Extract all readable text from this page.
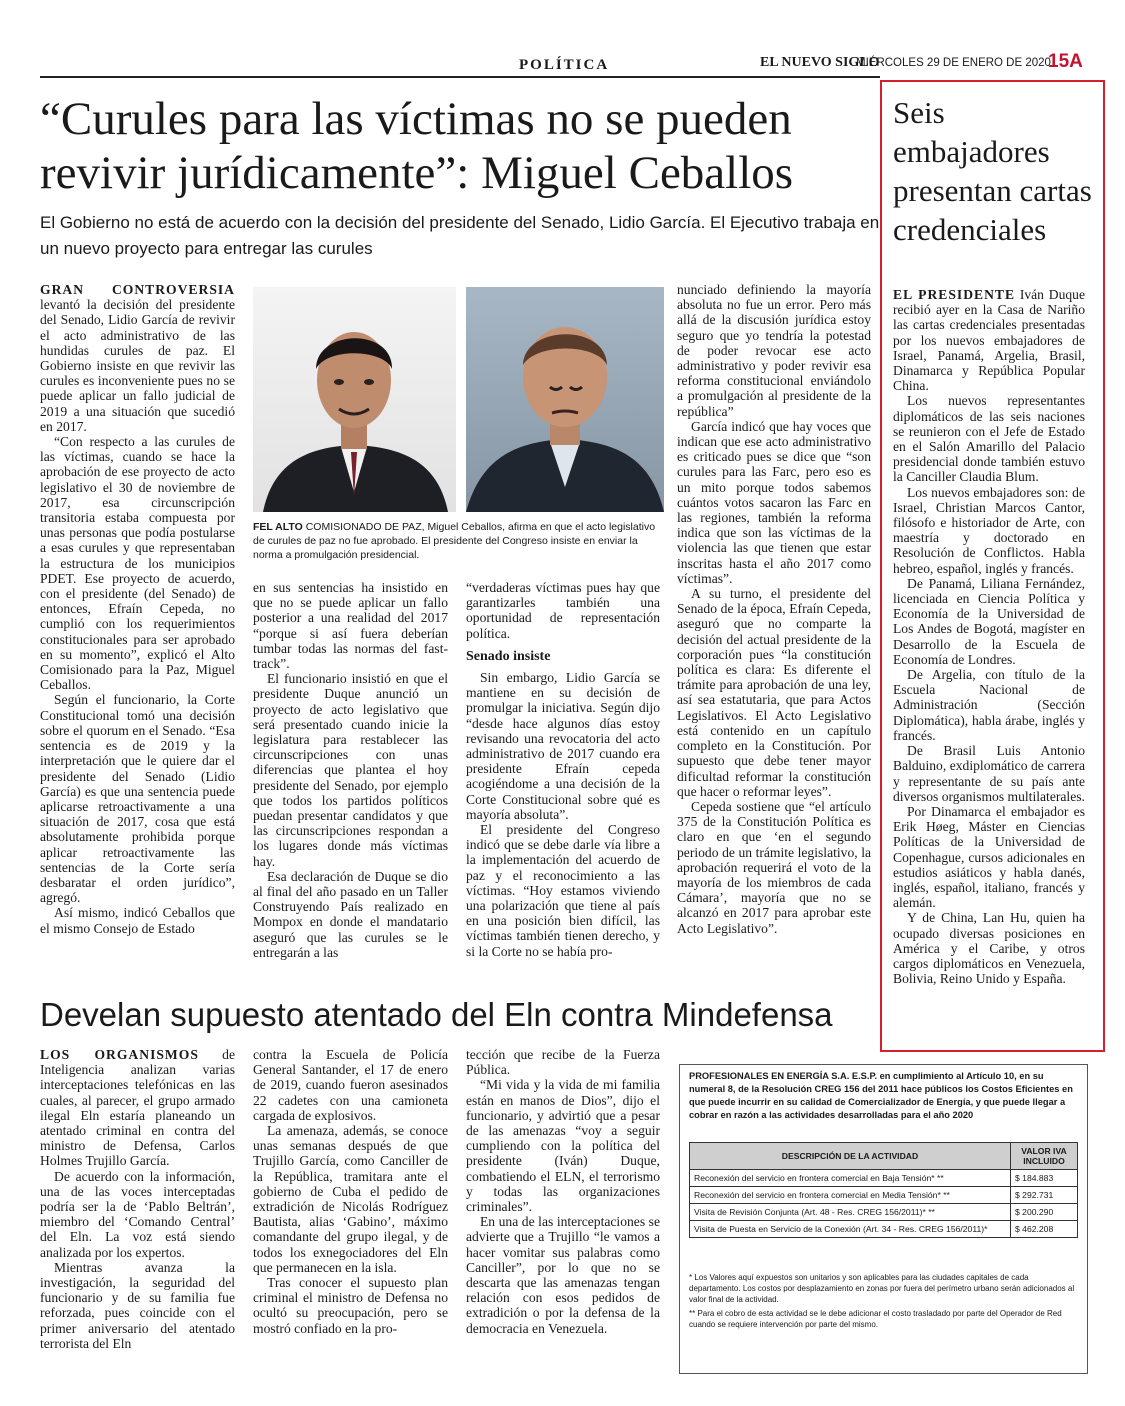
POLÍTICA	EL NUEVO SIGLO
MIÉRCOLES 29 DE ENERO DE 2020
15A
“Curules para las víctimas no se pueden revivir jurídicamente”: Miguel Ceballos
El Gobierno no está de acuerdo con la decisión del presidente del Senado, Lidio García. El Ejecutivo trabaja en un nuevo proyecto para entregar las curules

GRAN CONTROVERSIA levantó la decisión del presidente del Senado, Lidio García de revivir el acto administrativo de las hundidas curules de paz. El Gobierno insiste en que revivir las curules es inconveniente pues no se puede aplicar un fallo judicial de 2019 a una situación que sucedió en 2017.

“Con respecto a las curules de las víctimas, cuando se hace la aprobación de ese proyecto de acto legislativo el 30 de noviembre de 2017, esa circunscripción transitoria estaba compuesta por unas personas que podía postularse a esas curules y que representaban la estructura de los municipios PDET. Ese proyecto de acuerdo, con el presidente (del Senado) de entonces, Efraín Cepeda, no cumplió con los requerimientos constitucionales para ser aprobado en su momento”, explicó el Alto Comisionado para la Paz, Miguel Ceballos.

Según el funcionario, la Corte Constitucional tomó una decisión sobre el quorum en el Senado. “Esa sentencia es de 2019 y la interpretación que le quiere dar el presidente del Senado (Lidio García) es que una sentencia puede aplicarse retroactivamente a una situación de 2017, cosa que está absolutamente prohibida porque aplicar retroactivamente las sentencias de la Corte sería desbaratar el orden jurídico”, agregó.

Así mismo, indicó Ceballos que el mismo Consejo de Estado

FEL ALTO COMISIONADO DE PAZ, Miguel Ceballos, afirma en que el acto legislativo de curules de paz no fue aprobado. El presidente del Congreso insiste en enviar la norma a promulgación presidencial.

en sus sentencias ha insistido en que no se puede aplicar un fallo posterior a una realidad del 2017 “porque si así fuera deberían tumbar todas las normas del fast-track”.

El funcionario insistió en que el presidente Duque anunció un proyecto de acto legislativo que será presentado cuando inicie la legislatura para restablecer las circunscripciones con unas diferencias que plantea el hoy presidente del Senado, por ejemplo que todos los partidos políticos puedan presentar candidatos y que las circunscripciones respondan a los lugares donde más víctimas hay.

Esa declaración de Duque se dio al final del año pasado en un Taller Construyendo País realizado en Mompox en donde el mandatario aseguró que las curules se le entregarán a las

“verdaderas víctimas pues hay que garantizarles también una oportunidad de representación política.

Senado insiste

Sin embargo, Lidio García se mantiene en su decisión de promulgar la iniciativa. Según dijo “desde hace algunos días estoy revisando una revocatoria del acto administrativo de 2017 cuando era presidente Efraín cepeda acogiéndome a una decisión de la Corte Constitucional sobre qué es mayoría absoluta”.

El presidente del Congreso indicó que se debe darle vía libre a la implementación del acuerdo de paz y el reconocimiento a las víctimas. “Hoy estamos viviendo una polarización que tiene al país en una posición bien difícil, las víctimas también tienen derecho, y si la Corte no se había pro-

nunciado definiendo la mayoría absoluta no fue un error. Pero más allá de la discusión jurídica estoy seguro que yo tendría la potestad de poder revocar ese acto administrativo y poder revivir esa reforma constitucional enviándolo a promulgación al presidente de la república”

García indicó que hay voces que indican que ese acto administrativo es criticado pues se dice que “son curules para las Farc, pero eso es un mito porque todos sabemos cuántos votos sacaron las Farc en las regiones, también la reforma indica que son las víctimas de la violencia las que tienen que estar inscritas hasta el año 2017 como víctimas”.

A su turno, el presidente del Senado de la época, Efraín Cepeda, aseguró que no comparte la decisión del actual presidente de la corporación pues “la constitución política es clara: Es diferente el trámite para aprobación de una ley, así sea estatutaria, que para Actos Legislativos. El Acto Legislativo está contenido en un capítulo completo en la Constitución. Por supuesto que debe tener mayor dificultad reformar la constitución que hacer o reformar leyes”.

Cepeda sostiene que “el artículo 375 de la Constitución Política es claro en que ‘en el segundo periodo de un trámite legislativo, la aprobación requerirá el voto de la mayoría de los miembros de cada Cámara’, mayoría que no se alcanzó en 2017 para aprobar este Acto Legislativo”.

Seis embajadores presentan cartas credenciales

EL PRESIDENTE Iván Duque recibió ayer en la Casa de Nariño las cartas credenciales presentadas por los nuevos embajadores de Israel, Panamá, Argelia, Brasil, Dinamarca y República Popular China.

Los nuevos representantes diplomáticos de las seis naciones se reunieron con el Jefe de Estado en el Salón Amarillo del Palacio presidencial donde también estuvo la Canciller Claudia Blum.

Los nuevos embajadores son: de Israel, Christian Marcos Cantor, filósofo e historiador de Arte, con maestría y doctorado en Resolución de Conflictos. Habla hebreo, español, inglés y francés.

De Panamá, Liliana Fernández, licenciada en Ciencia Política y Economía de la Universidad de Los Andes de Bogotá, magíster en Desarrollo de la Escuela de Economía de Londres.

De Argelia, con título de la Escuela Nacional de Administración (Sección Diplomática), habla árabe, inglés y francés.

De Brasil Luis Antonio Balduino, exdiplomático de carrera y representante de su país ante diversos organismos multilaterales.

Por Dinamarca el embajador es Erik Høeg, Máster en Ciencias Políticas de la Universidad de Copenhague, cursos adicionales en estudios asiáticos y habla danés, inglés, español, italiano, francés y alemán.

Y de China, Lan Hu, quien ha ocupado diversas posiciones en América y el Caribe, y otros cargos diplomáticos en Venezuela, Bolivia, Reino Unido y España.

Develan supuesto atentado del Eln contra Mindefensa

LOS ORGANISMOS de Inteligencia analizan varias interceptaciones telefónicas en las cuales, al parecer, el grupo armado ilegal Eln estaría planeando un atentado criminal en contra del ministro de Defensa, Carlos Holmes Trujillo García.

De acuerdo con la información, una de las voces interceptadas podría ser la de ‘Pablo Beltrán’, miembro del ‘Comando Central’ del Eln. La voz está siendo analizada por los expertos.

Mientras avanza la investigación, la seguridad del funcionario y de su familia fue reforzada, pues coincide con el primer aniversario del atentado terrorista del Eln

contra la Escuela de Policía General Santander, el 17 de enero de 2019, cuando fueron asesinados 22 cadetes con una camioneta cargada de explosivos.

La amenaza, además, se conoce unas semanas después de que Trujillo García, como Canciller de la República, tramitara ante el gobierno de Cuba el pedido de extradición de Nicolás Rodríguez Bautista, alias ‘Gabino’, máximo comandante del grupo ilegal, y de todos los exnegociadores del Eln que permanecen en la isla.

Tras conocer el supuesto plan criminal el ministro de Defensa no ocultó su preocupación, pero se mostró confiado en la pro-

tección que recibe de la Fuerza Pública.

“Mi vida y la vida de mi familia están en manos de Dios”, dijo el funcionario, y advirtió que a pesar de las amenazas “voy a seguir cumpliendo con la política del presidente (Iván) Duque, combatiendo el ELN, el terrorismo y todas las organizaciones criminales”.

En una de las interceptaciones se advierte que a Trujillo “le vamos a hacer vomitar sus palabras como Canciller”, por lo que no se descarta que las amenazas tengan relación con esos pedidos de extradición o por la defensa de la democracia en Venezuela.

PROFESIONALES EN ENERGÍA S.A. E.S.P. en cumplimiento al Artículo 10, en su numeral 8, de la Resolución CREG 156 del 2011 hace públicos los Costos Eficientes en que puede incurrir en su calidad de Comercializador de Energía, y que puede llegar a cobrar en razón a las actividades desarrolladas para el año 2020
DESCRIPCIÓN DE LA ACTIVIDAD	VALOR IVA INCLUIDO
Reconexión del servicio en frontera comercial en Baja Tensión* **	$ 184.883
Reconexión del servicio en frontera comercial en Media Tensión* **	$ 292.731
Visita de Revisión Conjunta (Art. 48 - Res. CREG 156/2011)* **	$ 200.290
Visita de Puesta en Servicio de la Conexión (Art. 34 - Res. CREG 156/2011)*	$ 462.208
* Los Valores aquí expuestos son unitarios y son aplicables para las ciudades capitales de cada departamento. Los costos por desplazamiento en zonas por fuera del perímetro urbano serán adicionados al valor final de la actividad.
** Para el cobro de esta actividad se le debe adicionar el costo trasladado por parte del Operador de Red cuando se requiere intervención por parte del mismo.
